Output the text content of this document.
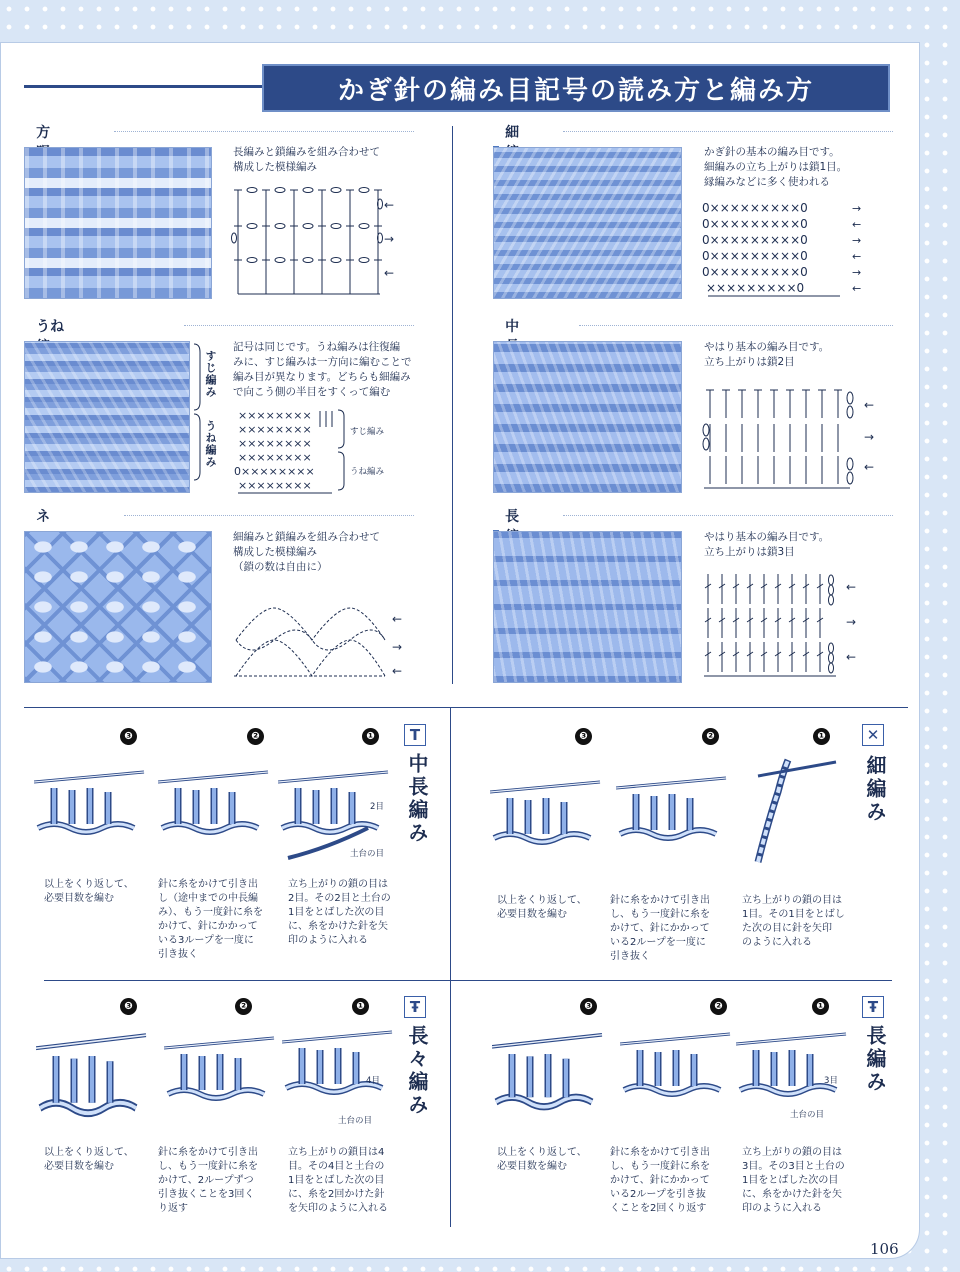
かぎ針の編み目記号の読み方と編み方
方
長編みと鎖編みを組み合わせて
構成した模様編み
←
→
←
うね
すじ編み
うね編み
記号は同じです。うね編みは往復編
みに、すじ編みは一方向に編むことで
編み目が異なります。どちらも細編み
で向こう側の半目をすくって編む
××××××××
××××××××
××××××××
××××××××
0××××××××
××××××××
すじ編み
うね編み
ネ
細編みと鎖編みを組み合わせて
構成した模様編み
（鎖の数は自由に）
←
→
←
細
かぎ針の基本の編み目です。
細編みの立ち上がりは鎖1目。
縁編みなどに多く使われる
0×××××××××0
0×××××××××0
0×××××××××0
0×××××××××0
0×××××××××0
×××××××××0
→
←
→
←
→
←
中
やはり基本の編み目です。
立ち上がりは鎖2目
←
→
←
長
やはり基本の編み目です。
立ち上がりは鎖3目
←
→
←
T
中長編み
❸	❷	❶
2目
土台の目
以上をくり返して、
必要目数を編む
針に糸をかけて引き出
し（途中までの中長編
み）、もう一度針に糸を
かけて、針にかかって
いる3ループを一度に
引き抜く
立ち上がりの鎖の目は
2目。その2目と土台の
1目をとばした次の目
に、糸をかけた針を矢
印のように入れる
✕
細編み
❸	❷	❶
以上をくり返して、
必要目数を編む
針に糸をかけて引き出
し、もう一度針に糸を
かけて、針にかかって
いる2ループを一度に
引き抜く
立ち上がりの鎖の目は
1目。その1目をとばし
た次の目に針を矢印
のように入れる
Ŧ
長々編み
❸	❷	❶
4目
土台の目
以上をくり返して、
必要目数を編む
針に糸をかけて引き出
し、もう一度針に糸を
かけて、2ループずつ
引き抜くことを3回く
り返す
立ち上がりの鎖目は4
目。その4目と土台の
1目をとばした次の目
に、糸を2回かけた針
を矢印のように入れる
Ŧ
長編み
❸	❷	❶
3目
土台の目
以上をくり返して、
必要目数を編む
針に糸をかけて引き出
し、もう一度針に糸を
かけて、針にかかって
いる2ループを引き抜
くことを2回くり返す
立ち上がりの鎖の目は
3目。その3目と土台の
1目をとばした次の目
に、糸をかけた針を矢
印のように入れる
106
